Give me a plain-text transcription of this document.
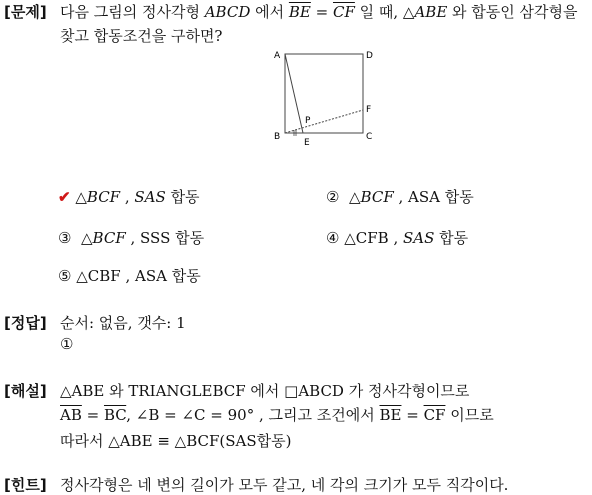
[문제] 다음 그림의 정사각형 ABCD 에서 $\overline{BE} = \overline{CF}$ 일 때, △ABE 와 합동인 삼각형을
찾고 합동조건을 구하면?
A	D
B	C
E
F
P
✔ △BCF , SAS 합동	② △BCF , ASA 합동
③ △BCF , SSS 합동	④ △CFB , SAS 합동
⑤ △CBF , ASA 합동
[정답] 순서: 없음, 갯수: 1
①
[해설] △ABE 와 TRIANGLEBCF 에서 □ABCD 가 정사각형이므로
$\overline{AB} = \overline{BC}$, ∠B = ∠C = 90° , 그리고 조건에서 $\overline{BE} = \overline{CF}$ 이므로
따라서 △ABE ≡ △BCF(SAS합동)
[힌트] 정사각형은 네 변의 길이가 모두 같고, 네 각의 크기가 모두 직각이다.
